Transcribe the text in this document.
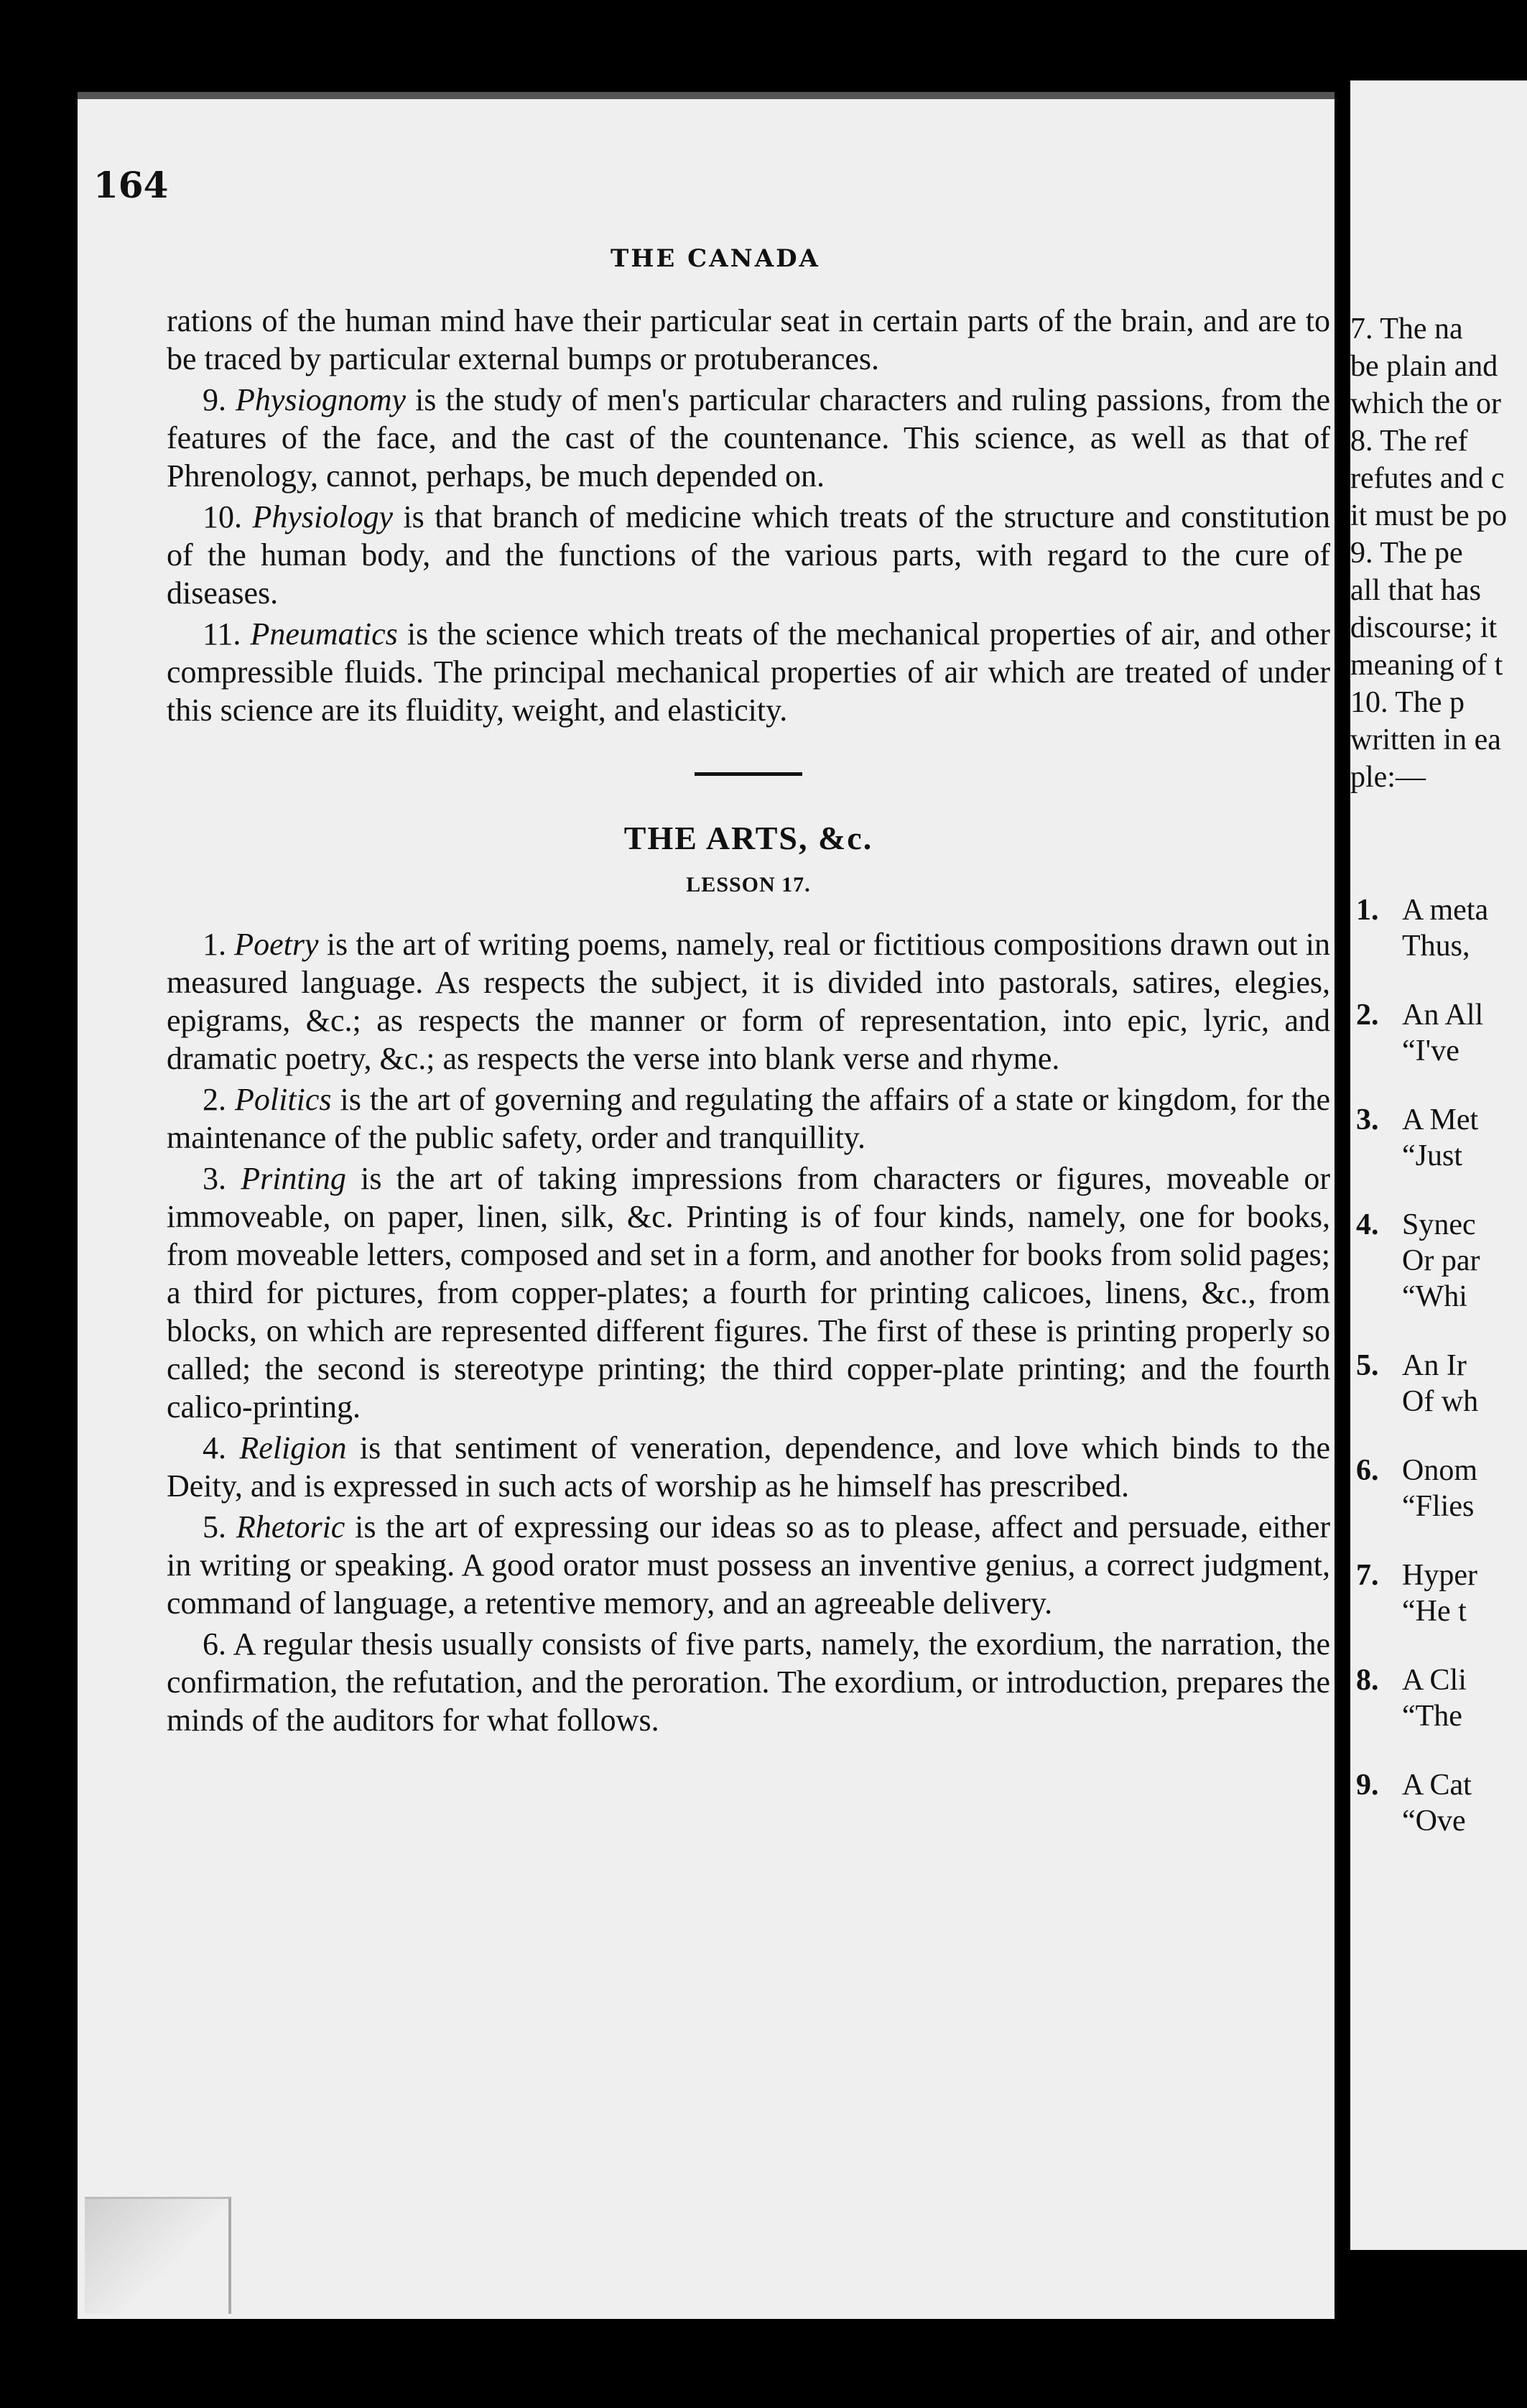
164
THE CANADA

rations of the human mind have their particular seat in certain parts of the brain, and are to be traced by particular external bumps or protuberances.

9. Physiognomy is the study of men's particular characters and ruling passions, from the features of the face, and the cast of the countenance. This science, as well as that of Phrenology, cannot, perhaps, be much depended on.

10. Physiology is that branch of medicine which treats of the structure and constitution of the human body, and the functions of the various parts, with regard to the cure of diseases.

11. Pneumatics is the science which treats of the mechanical properties of air, and other compressible fluids. The principal mechanical properties of air which are treated of under this science are its fluidity, weight, and elasticity.

THE ARTS, &c.
LESSON 17.

1. Poetry is the art of writing poems, namely, real or fictitious compositions drawn out in measured language. As respects the subject, it is divided into pastorals, satires, elegies, epigrams, &c.; as respects the manner or form of representation, into epic, lyric, and dramatic poetry, &c.; as respects the verse into blank verse and rhyme.

2. Politics is the art of governing and regulating the affairs of a state or kingdom, for the maintenance of the public safety, order and tranquillity.

3. Printing is the art of taking impressions from characters or figures, moveable or immoveable, on paper, linen, silk, &c. Printing is of four kinds, namely, one for books, from moveable letters, composed and set in a form, and another for books from solid pages; a third for pictures, from copper-plates; a fourth for printing calicoes, linens, &c., from blocks, on which are represented different figures. The first of these is printing properly so called; the second is stereotype printing; the third copper-plate printing; and the fourth calico-printing.

4. Religion is that sentiment of veneration, dependence, and love which binds to the Deity, and is expressed in such acts of worship as he himself has prescribed.

5. Rhetoric is the art of expressing our ideas so as to please, affect and persuade, either in writing or speaking. A good orator must possess an inventive genius, a correct judgment, command of language, a retentive memory, and an agreeable delivery.

6. A regular thesis usually consists of five parts, namely, the exordium, the narration, the confirmation, the refutation, and the peroration. The exordium, or introduction, prepares the minds of the auditors for what follows.

7. The na
be plain and
which the or
8. The ref
refutes and c
it must be po
9. The pe
all that has
discourse; it
meaning of t
10. The p
written in ea
ple:—
1. A meta
Thus,
2. An All
“I've
3. A Met
“Just
4. Synec
Or par
“Whi
5. An Ir
Of wh
6. Onom
“Flies
7. Hyper
“He t
8. A Cli
“The
9. A Cat
“Ove
